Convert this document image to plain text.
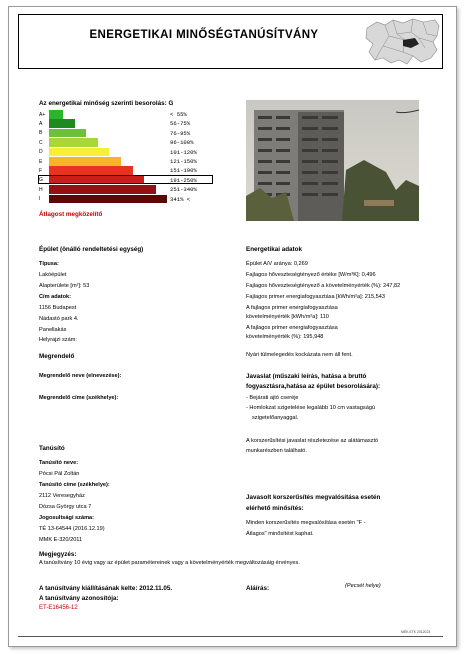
ENERGETIKAI MINŐSÉGTANÚSÍTVÁNY
Az energetikai minőség szerinti besorolás: G
A+	< 55%
A	56-75%
B	76-95%
C	96-100%
D	101-120%
E	121-150%
F	151-190%
G	191-250%
H	251-340%
I	341% <
Átlagost megközelítő
Épület (önálló rendeltetési egység)
Típusa:
Lakóépület
Alapterülete [m²]: 53
Cím adatok:
1156 Budapest
Nádastó park 4.
Panellakás
Helyrajzi szám:
Energetikai adatok
Épület A/V aránya: 0,269
Fajlagos hőveszteségtényező értéke [W/m³K]: 0,496
Fajlagos hőveszteségtényező a követelményérték (%): 247,82
Fajlagos primer energiafogyasztása [kWh/m²a]: 215,543
A fajlagos primer energiafogyasztása
követelményérték [kWh/m²a]: 110
A fajlagos primer energiafogyasztása
követelményérték (%): 195,948
Megrendelő
Megrendelő neve (elnevezése):
Megrendelő címe (székhelye):
Nyári túlmelegedés kockázata nem áll fent.
Javaslat (műszaki leírás, hatása a bruttó
fogyasztásra,hatása az épület besorolására):
- Bejárati ajtó cseréje
- Homlokzat szigetelése legalább 10 cm vastagságú
szigetelőanyaggal.
A korszerűsítési javaslat részletezése az alátámasztó
munkarészben található.
Tanúsító
Tanúsító neve:
Pócsi Pál Zoltán
Tanúsító címe (székhelye):
2112 Veresegyház
Dózsa György utca 7
Jogosultsági száma:
TÉ 13-64544 (2016.12.19)
MMK E-320/2011
Javasolt korszerűsítés megvalósítása esetén
elérhető minősítés:
Minden korszerűsítés megvalósítása esetén "F -
Átlagos" minősítést kaphat.
Megjegyzés:
A tanúsítvány 10 évig vagy az épület paramétereinek vagy a követelményérték megváltozásáig érvényes.
A tanúsítvány kiállításának kelte: 2012.11.05.	Aláírás:	(Pecsét helye)
A tanúsítvány azonosítója:
ET-E16456-12
MÉK-ETK 2012023
